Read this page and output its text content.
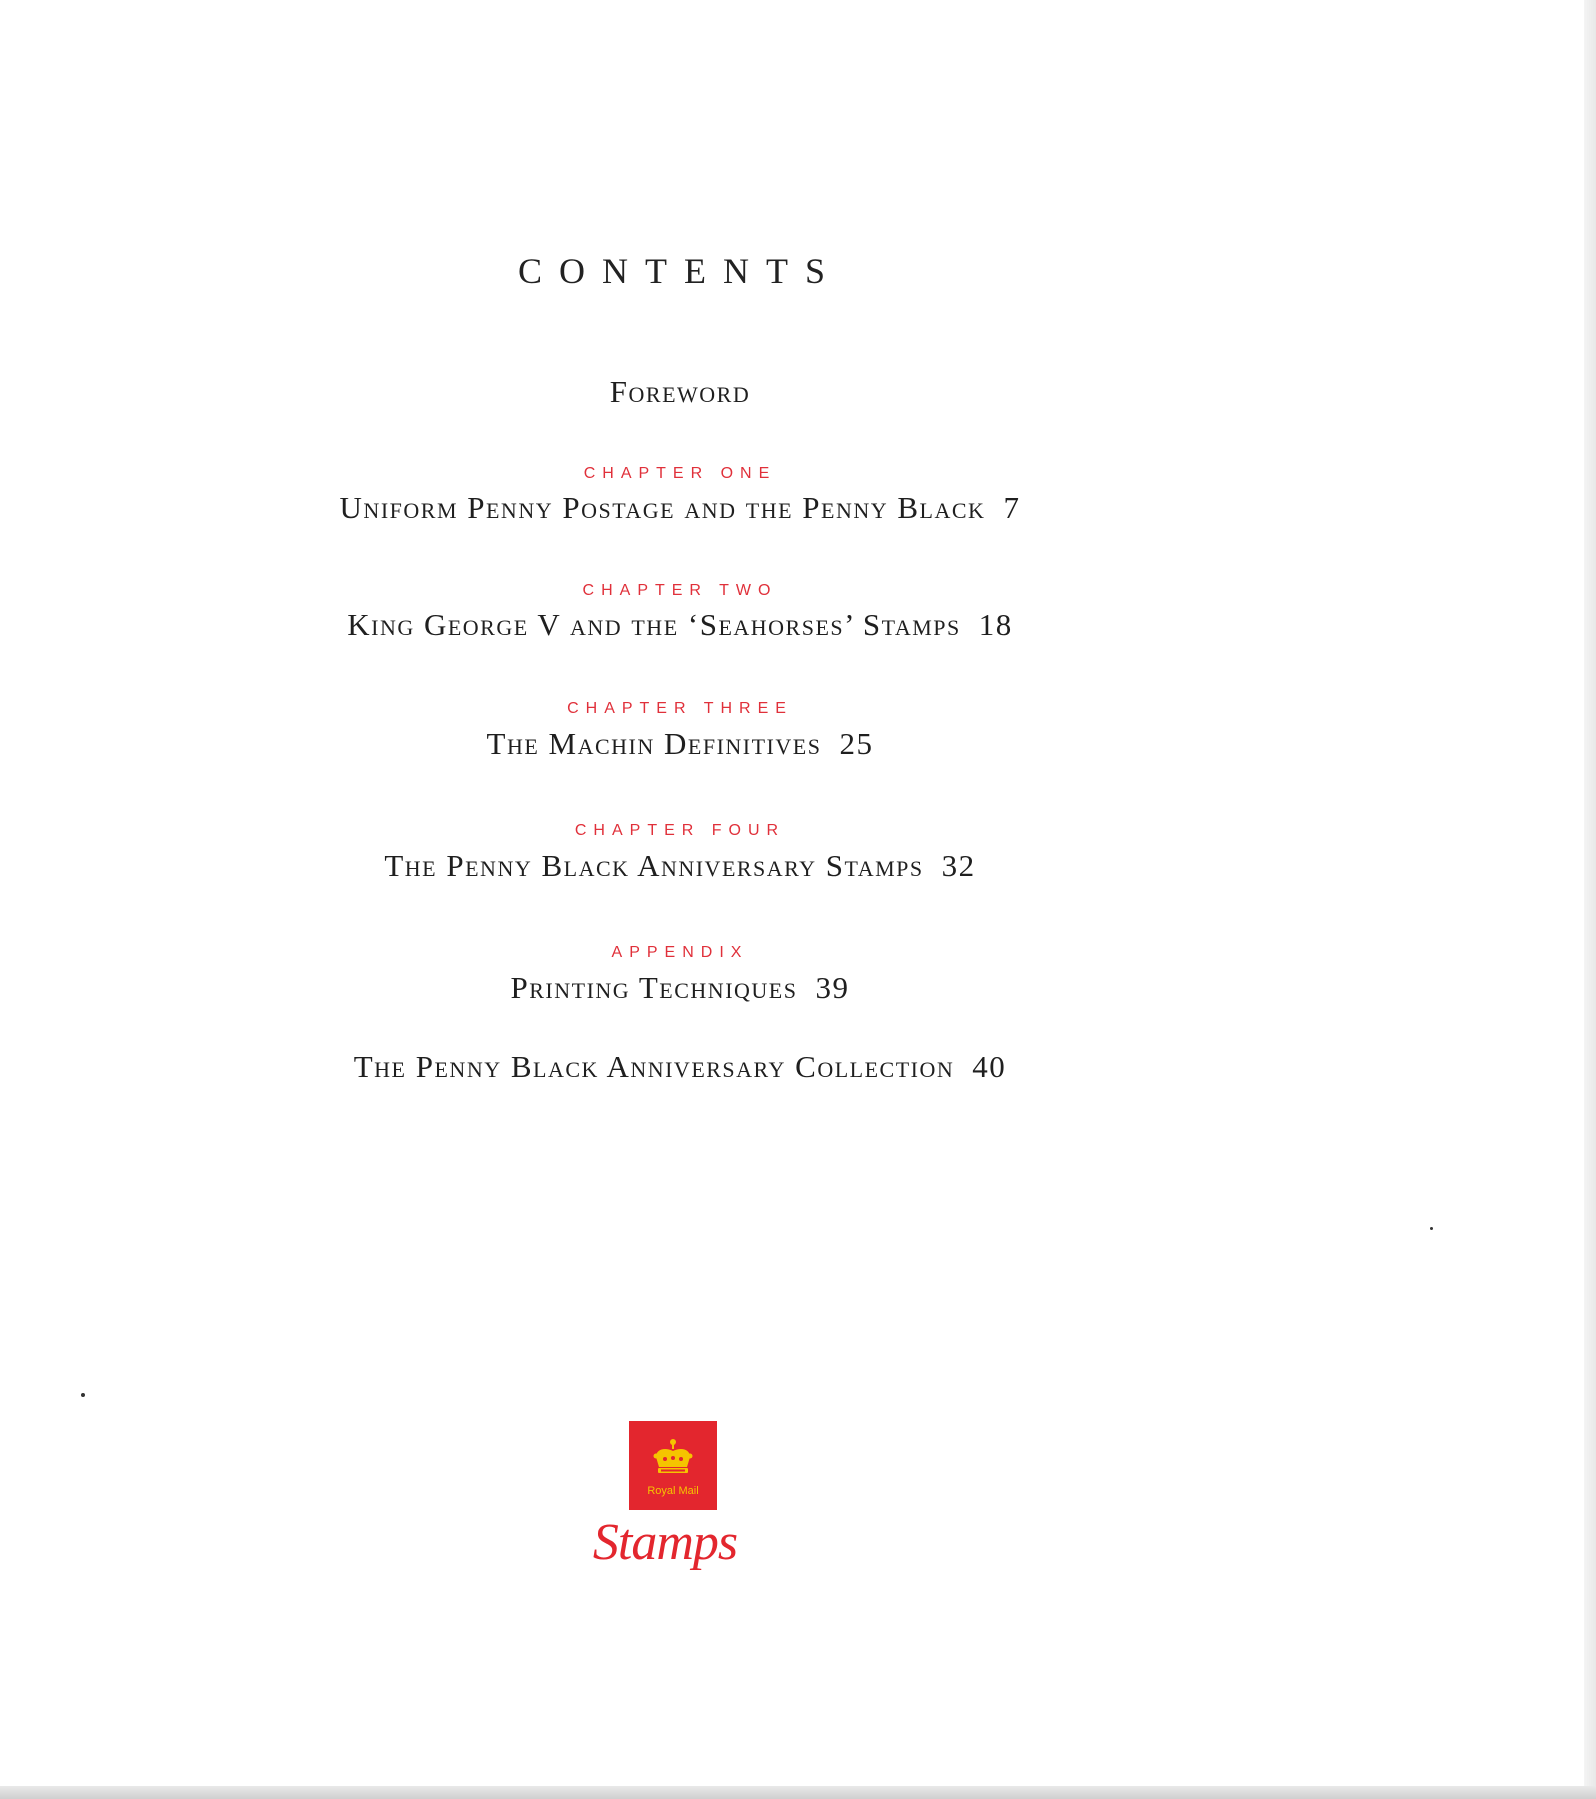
CONTENTS
Foreword
CHAPTER ONE
Uniform Penny Postage and the Penny Black 7
CHAPTER TWO
King George V and the ‘Seahorses’ Stamps 18
CHAPTER THREE
The Machin Definitives 25
CHAPTER FOUR
The Penny Black Anniversary Stamps 32
APPENDIX
Printing Techniques 39
The Penny Black Anniversary Collection 40
Royal Mail
Stamps
